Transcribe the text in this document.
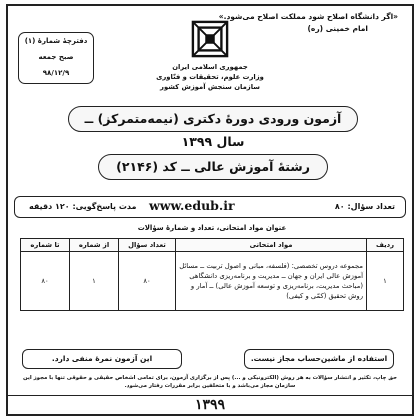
«اگر دانشگاه اصلاح شود مملکت اصلاح می‌شود.»
امام خمینی (ره)
دفترچهٔ شمارهٔ (۱)
صبح جمعه
۹۸/۱۲/۹
جمهوری اسلامی ایران
وزارت علوم، تحقیقات و فنّاوری
سازمان سنجش آموزش کشور
آزمون ورودی دورهٔ دکتری (نیمه‌متمرکز) ــ سال ۱۳۹۹
رشتهٔ آموزش عالی ــ کد (۲۱۴۶)
تعداد سؤال: ۸۰
www.edub.ir
مدت پاسخ‌گویی: ۱۲۰ دقیقه
عنوان مواد امتحانی، تعداد و شمارهٔ سؤالات
ردیف	مواد امتحانی	تعداد سؤال	از شماره	تا شماره
۱	مجموعه دروس تخصصی: (فلسفه، مبانی و اصول تربیت ــ مسائل
آموزش عالی ایران و جهان ــ مدیریت و برنامه‌ریزی دانشگاهی
(مباحث مدیریت، برنامه‌ریزی و توسعه آموزش عالی) ــ آمار و
روش تحقیق (کمّی و کیفی)	۸۰	۱	۸۰
استفاده از ماشین‌حساب مجاز نیست.
این آزمون نمرهٔ منفی دارد.
حق چاپ، تکثیر و انتشار سؤالات به هر روش (الکترونیکی و ...) پس از برگزاری آزمون، برای تمامی اشخاص حقیقی و حقوقی تنها با مجوز این سازمان مجاز می‌باشد و با متخلفین برابر مقررات رفتار می‌شود.
۱۳۹۹
